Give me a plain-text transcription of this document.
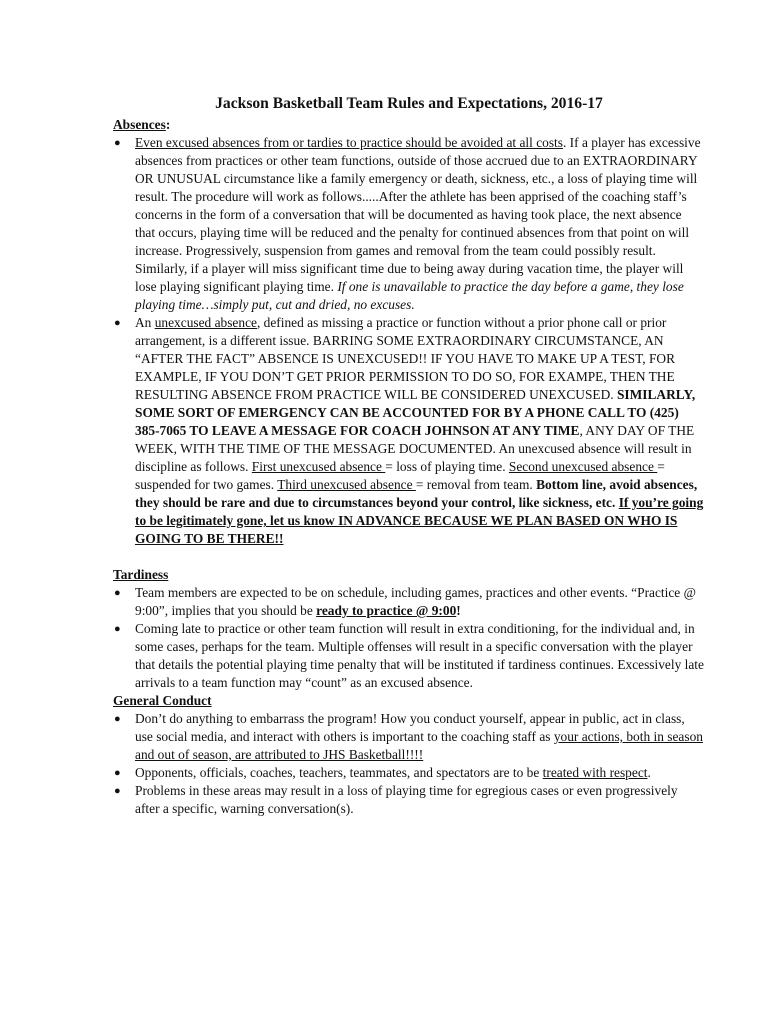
Jackson Basketball Team Rules and Expectations, 2016-17
Absences:
● Even excused absences from or tardies to practice should be avoided at all costs. If a player has excessive absences from practices or other team functions, outside of those accrued due to an EXTRAORDINARY OR UNUSUAL circumstance like a family emergency or death, sickness, etc., a loss of playing time will result. The procedure will work as follows.....After the athlete has been apprised of the coaching staff’s concerns in the form of a conversation that will be documented as having took place, the next absence that occurs, playing time will be reduced and the penalty for continued absences from that point on will increase. Progressively, suspension from games and removal from the team could possibly result. Similarly, if a player will miss significant time due to being away during vacation time, the player will lose playing significant playing time. If one is unavailable to practice the day before a game, they lose playing time…simply put, cut and dried, no excuses.
● An unexcused absence, defined as missing a practice or function without a prior phone call or prior arrangement, is a different issue. BARRING SOME EXTRAORDINARY CIRCUMSTANCE, AN “AFTER THE FACT” ABSENCE IS UNEXCUSED!! IF YOU HAVE TO MAKE UP A TEST, FOR EXAMPLE, IF YOU DON’T GET PRIOR PERMISSION TO DO SO, FOR EXAMPE, THEN THE RESULTING ABSENCE FROM PRACTICE WILL BE CONSIDERED UNEXCUSED. SIMILARLY, SOME SORT OF EMERGENCY CAN BE ACCOUNTED FOR BY A PHONE CALL TO (425) 385-7065 TO LEAVE A MESSAGE FOR COACH JOHNSON AT ANY TIME, ANY DAY OF THE WEEK, WITH THE TIME OF THE MESSAGE DOCUMENTED. An unexcused absence will result in discipline as follows. First unexcused absence = loss of playing time. Second unexcused absence = suspended for two games. Third unexcused absence = removal from team. Bottom line, avoid absences, they should be rare and due to circumstances beyond your control, like sickness, etc. If you’re going to be legitimately gone, let us know IN ADVANCE BECAUSE WE PLAN BASED ON WHO IS GOING TO BE THERE!!
Tardiness
● Team members are expected to be on schedule, including games, practices and other events. “Practice @ 9:00”, implies that you should be ready to practice @ 9:00!
● Coming late to practice or other team function will result in extra conditioning, for the individual and, in some cases, perhaps for the team. Multiple offenses will result in a specific conversation with the player that details the potential playing time penalty that will be instituted if tardiness continues. Excessively late arrivals to a team function may “count” as an excused absence.
General Conduct
● Don’t do anything to embarrass the program! How you conduct yourself, appear in public, act in class, use social media, and interact with others is important to the coaching staff as your actions, both in season and out of season, are attributed to JHS Basketball!!!!
● Opponents, officials, coaches, teachers, teammates, and spectators are to be treated with respect.
● Problems in these areas may result in a loss of playing time for egregious cases or even progressively after a specific, warning conversation(s).
